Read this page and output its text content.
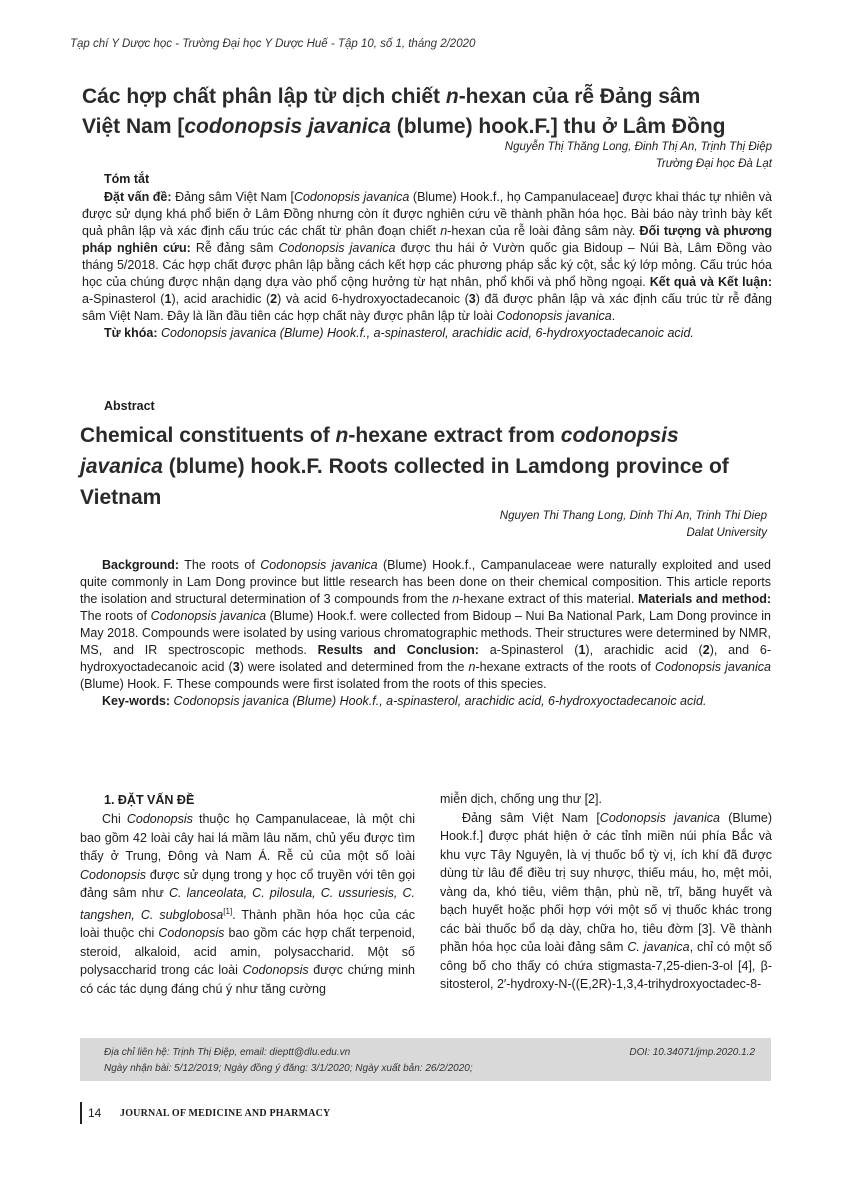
Tạp chí Y Dược học - Trường Đại học Y Dược Huế - Tập 10, số 1, tháng 2/2020
Các hợp chất phân lập từ dịch chiết n-hexan của rễ Đảng sâm
Việt Nam [codonopsis javanica (blume) hook.F.] thu ở Lâm Đồng
Nguyễn Thị Thăng Long, Đinh Thị An, Trịnh Thị Điệp
Trường Đại học Đà Lạt
Tóm tắt

Đặt vấn đề: Đảng sâm Việt Nam [Codonopsis javanica (Blume) Hook.f., họ Campanulaceae] được khai thác tự nhiên và được sử dụng khá phổ biến ở Lâm Đồng nhưng còn ít được nghiên cứu về thành phần hóa học. Bài báo này trình bày kết quả phân lập và xác định cấu trúc các chất từ phân đoạn chiết n-hexan của rễ loài đảng sâm này. Đối tượng và phương pháp nghiên cứu: Rễ đảng sâm Codonopsis javanica được thu hái ở Vườn quốc gia Bidoup – Núi Bà, Lâm Đồng vào tháng 5/2018. Các hợp chất được phân lập bằng cách kết hợp các phương pháp sắc ký cột, sắc ký lớp mỏng. Cấu trúc hóa học của chúng được nhận dạng dựa vào phổ cộng hưởng từ hạt nhân, phổ khối và phổ hồng ngoại. Kết quả và Kết luận: a-Spinasterol (1), acid arachidic (2) và acid 6-hydroxyoctadecanoic (3) đã được phân lập và xác định cấu trúc từ rễ đảng sâm Việt Nam. Đây là lần đầu tiên các hợp chất này được phân lập từ loài Codonopsis javanica.

Từ khóa: Codonopsis javanica (Blume) Hook.f., a-spinasterol, arachidic acid, 6-hydroxyoctadecanoic acid.

Abstract
Chemical constituents of n-hexane extract from codonopsis
javanica (blume) hook.F. Roots collected in Lamdong province of
Vietnam
Nguyen Thi Thang Long, Dinh Thi An, Trinh Thi Diep
Dalat University

Background: The roots of Codonopsis javanica (Blume) Hook.f., Campanulaceae were naturally exploited and used quite commonly in Lam Dong province but little research has been done on their chemical composition. This article reports the isolation and structural determination of 3 compounds from the n-hexane extract of this material. Materials and method: The roots of Codonopsis javanica (Blume) Hook.f. were collected from Bidoup – Nui Ba National Park, Lam Dong province in May 2018. Compounds were isolated by using various chromatographic methods. Their structures were determined by NMR, MS, and IR spectroscopic methods. Results and Conclusion: a-Spinasterol (1), arachidic acid (2), and 6-hydroxyoctadecanoic acid (3) were isolated and determined from the n-hexane extracts of the roots of Codonopsis javanica (Blume) Hook. F. These compounds were first isolated from the roots of this species.

Key-words: Codonopsis javanica (Blume) Hook.f., a-spinasterol, arachidic acid, 6-hydroxyoctadecanoic acid.

1. ĐẶT VẤN ĐỀ

Chi Codonopsis thuộc họ Campanulaceae, là một chi bao gồm 42 loài cây hai lá mầm lâu năm, chủ yếu được tìm thấy ở Trung, Đông và Nam Á. Rễ củ của một số loài Codonopsis được sử dụng trong y học cổ truyền với tên gọi đảng sâm như C. lanceolata, C. pilosula, C. ussuriesis, C. tangshen, C. subglobosa[1]. Thành phần hóa học của các loài thuộc chi Codonopsis bao gồm các hợp chất terpenoid, steroid, alkaloid, acid amin, polysaccharid. Một số polysaccharid trong các loài Codonopsis được chứng minh có các tác dụng đáng chú ý như tăng cường

miễn dịch, chống ung thư [2].

Đảng sâm Việt Nam [Codonopsis javanica (Blume) Hook.f.] được phát hiện ở các tỉnh miền núi phía Bắc và khu vực Tây Nguyên, là vị thuốc bổ tỳ vị, ích khí đã được dùng từ lâu để điều trị suy nhược, thiếu máu, ho, mệt mỏi, vàng da, khó tiêu, viêm thận, phù nề, trĩ, băng huyết và bạch huyết hoặc phối hợp với một số vị thuốc khác trong các bài thuốc bổ dạ dày, chữa ho, tiêu đờm [3]. Về thành phần hóa học của loài đảng sâm C. javanica, chỉ có một số công bố cho thấy có chứa stigmasta-7,25-dien-3-ol [4], β-sitosterol, 2′-hydroxy-N-((E,2R)-1,3,4-trihydroxyoctadec-8-

Địa chỉ liên hệ: Trịnh Thị Điệp, email: dieptt@dlu.edu.vn
Ngày nhận bài: 5/12/2019; Ngày đồng ý đăng: 3/1/2020; Ngày xuất bản: 26/2/2020;
DOI: 10.34071/jmp.2020.1.2
14 JOURNAL OF MEDICINE AND PHARMACY
